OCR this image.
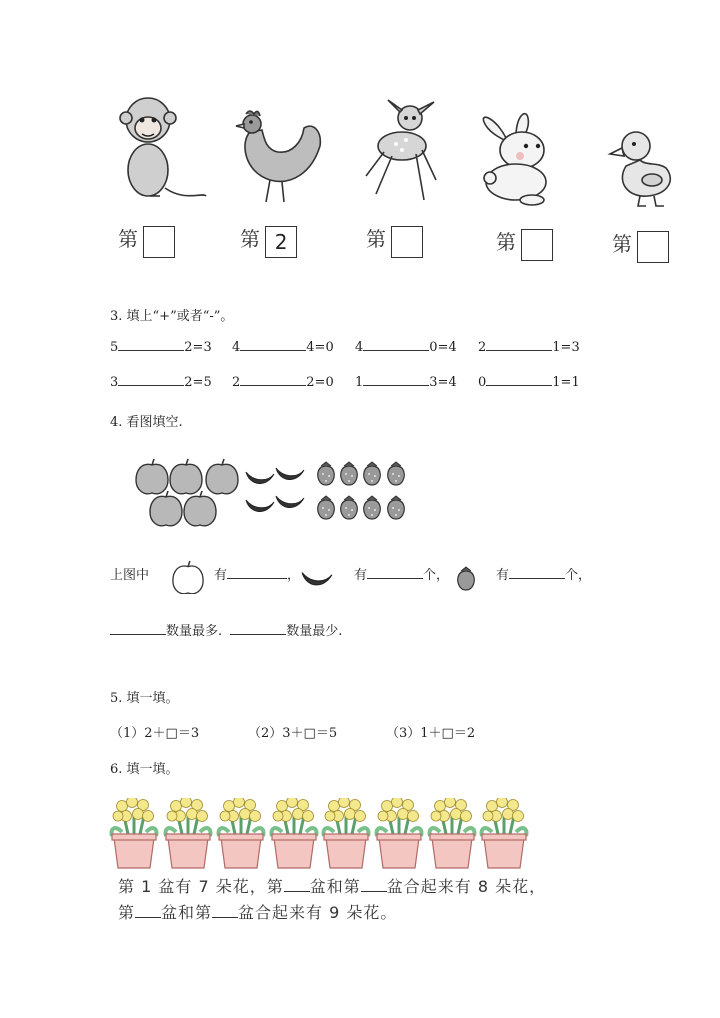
第	第 2	第	第	第
3. 填上“+”或者“-”。
5	2=3 4	4=0 4	0=4 2	1=3
3	2=5 2	2=0 1	3=4 0	1=1
4. 看图填空.
上图中	有	，	有	个，	有	个，
数量最多.	数量最少.
5. 填一填。
（1）2＋□＝3	（2）3＋□＝5	（3）1＋□＝2
6. 填一填。
第 1 盆有 7 朵花，第 盆和第 盆合起来有 8 朵花，
第 盆和第 盆合起来有 9 朵花。
